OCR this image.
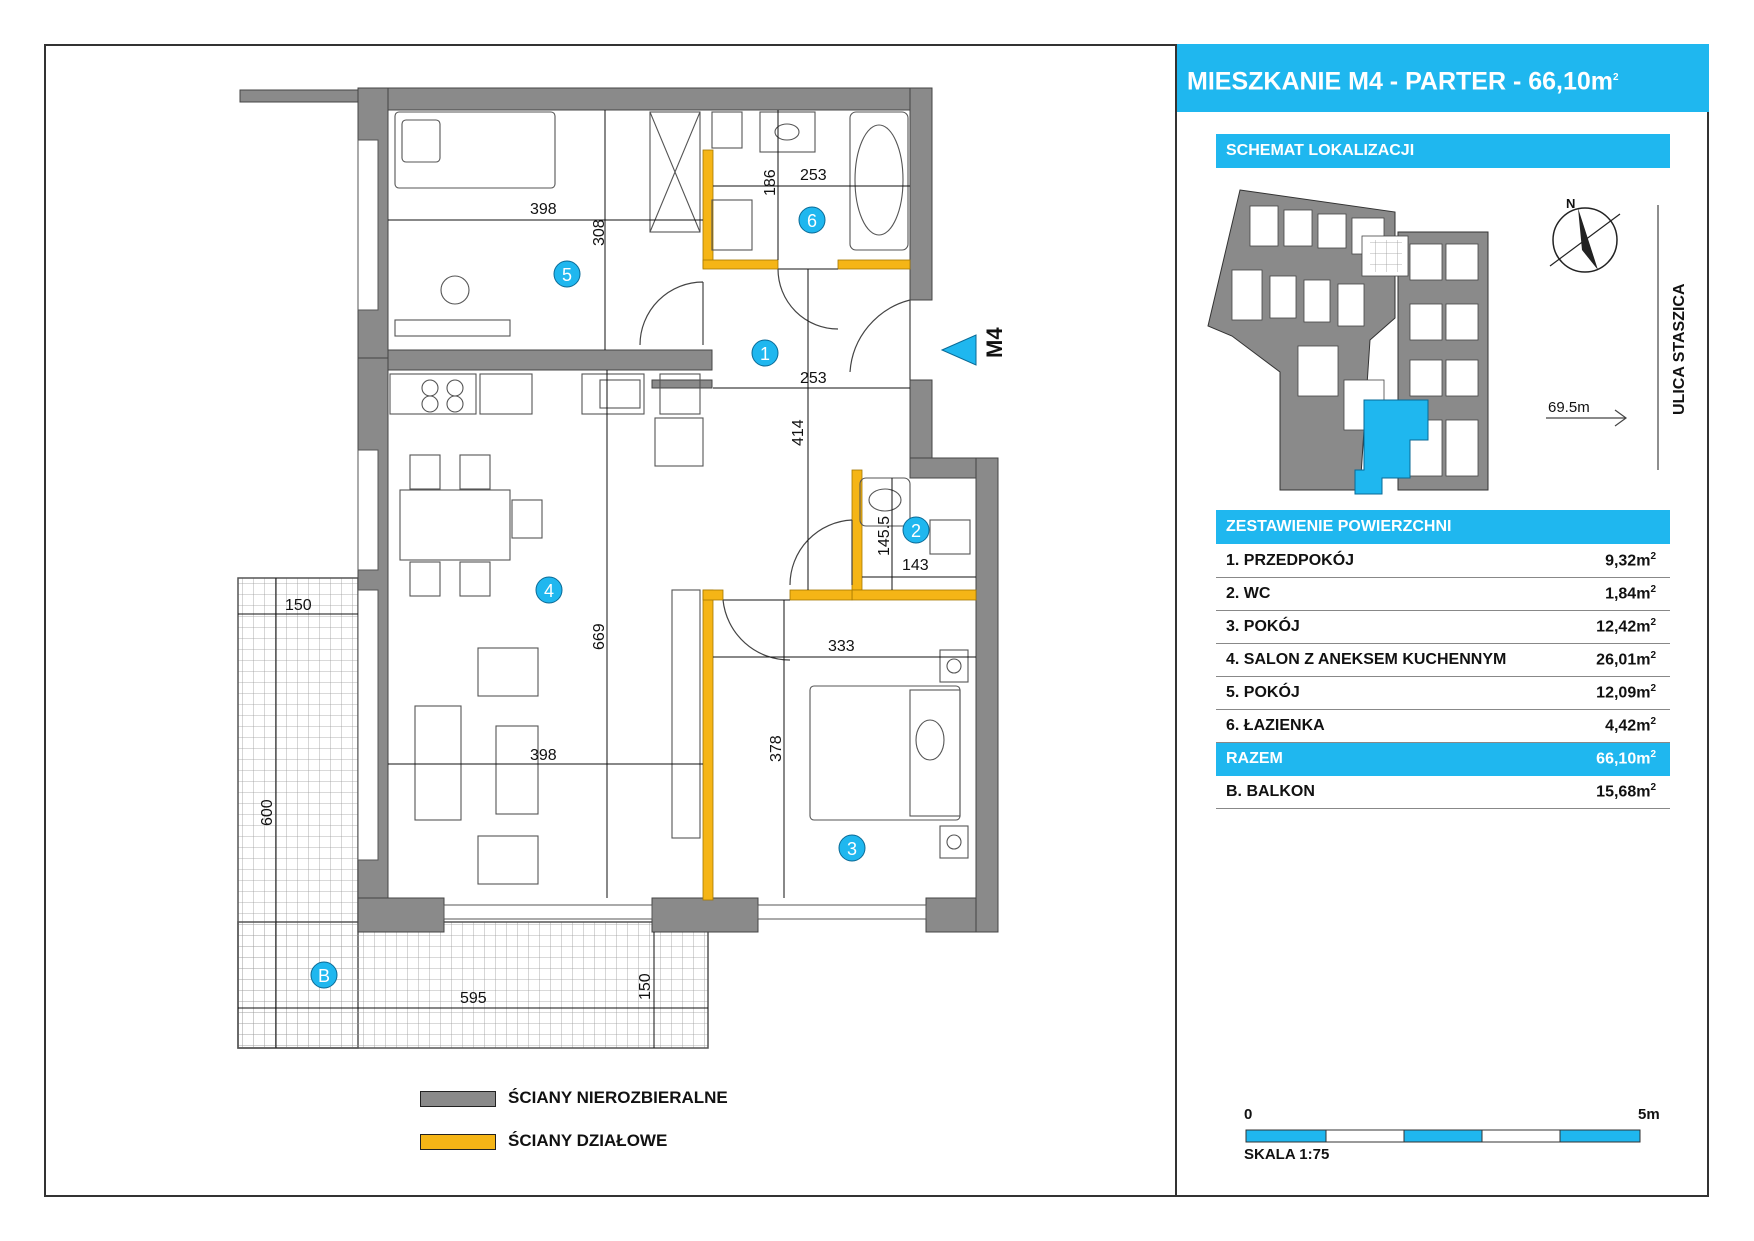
1
2
3
4
5
6
B
398
308
253
186
253
414
143
145.5
398
669	333
378
595
600
150
150
M4
N
69.5m	ULICA STASZICA
MIESZKANIE M4 - PARTER - $66,10m^2$
SCHEMAT LOKALIZACJI
ZESTAWIENIE POWIERZCHNI
1. PRZEDPOKÓJ	$9,32m^2$
2. WC	$1,84m^2$
3. POKÓJ	$12,42m^2$
4. SALON Z ANEKSEM KUCHENNYM	$26,01m^2$
5. POKÓJ	$12,09m^2$
6. ŁAZIENKA	$4,42m^2$
RAZEM	$66,10m^2$
B. BALKON	$15,68m^2$
ŚCIANY NIEROZBIERALNE
ŚCIANY DZIAŁOWE
0	5m
SKALA 1:75
